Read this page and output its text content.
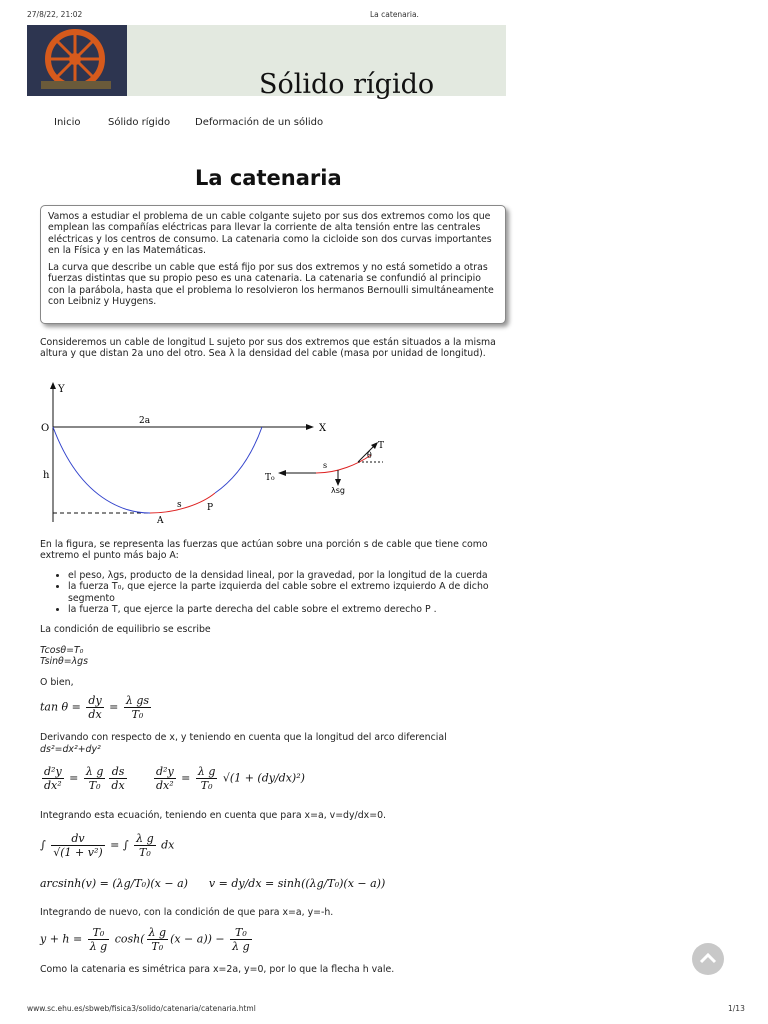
27/8/22, 21:02	La catenaria.
Sólido rígido
Inicio	Sólido rígido Deformación de un sólido
La catenaria

Vamos a estudiar el problema de un cable colgante sujeto por sus dos extremos como los que emplean las compañías eléctricas para llevar la corriente de alta tensión entre las centrales eléctricas y los centros de consumo. La catenaria como la cicloide son dos curvas importantes en la Física y en las Matemáticas.

La curva que describe un cable que está fijo por sus dos extremos y no está sometido a otras fuerzas distintas que su propio peso es una catenaria. La catenaria se confundió al principio con la parábola, hasta que el problema lo resolvieron los hermanos Bernoulli simultáneamente con Leibniz y Huygens.

Consideremos un cable de longitud L sujeto por sus dos extremos que están situados a la misma altura y que distan 2a uno del otro. Sea λ la densidad del cable (masa por unidad de longitud).
Y
X
O
2a
h
A
s	P
T₀
λsg
s
T
θ
En la figura, se representa las fuerzas que actúan sobre una porción s de cable que tiene como extremo el punto más bajo A:
• el peso, λgs, producto de la densidad lineal, por la gravedad, por la longitud de la cuerda
• la fuerza T₀, que ejerce la parte izquierda del cable sobre el extremo izquierdo A de dicho segmento
• la fuerza T, que ejerce la parte derecha del cable sobre el extremo derecho P .
La condición de equilibrio se escribe
Tcosθ=T₀
Tsinθ=λgs
O bien,
$\tan \theta = \frac{dy}{dx} = \frac{\text{λ gs}}{\text{T₀}}$
Derivando con respecto de x, y teniendo en cuenta que la longitud del arco diferencial
ds²=dx²+dy²
$\frac{\text{d²y}}{\text{dx²}} = \frac{\text{λ g}}{\text{T₀}} \frac{ds}{dx} \frac{\text{d²y}}{\text{dx²}} = \frac{\text{λ g}}{\text{T₀}} √(1 + (dy/dx)^2)$
Integrando esta ecuación, teniendo en cuenta que para x=a, v=dy/dx=0.
∫ $\frac{dv}{\text{√(1 + v²)}}$ = ∫ $\frac{\text{λ g}}{\text{T₀}}$ dx
arcsinh(v) = (λg/T₀)(x − a)      v = dy/dx = sinh((λg/T₀)(x − a))
Integrando de nuevo, con la condición de que para x=a, y=-h.
$y + h = \frac{\text{T₀}}{\text{λ g}} \cosh( \frac{\text{λ g}}{\text{T₀}} (x - a)) - \frac{\text{T₀}}{\text{λ g}}$
Como la catenaria es simétrica para x=2a, y=0, por lo que la flecha h vale.
www.sc.ehu.es/sbweb/fisica3/solido/catenaria/catenaria.html	1/13
